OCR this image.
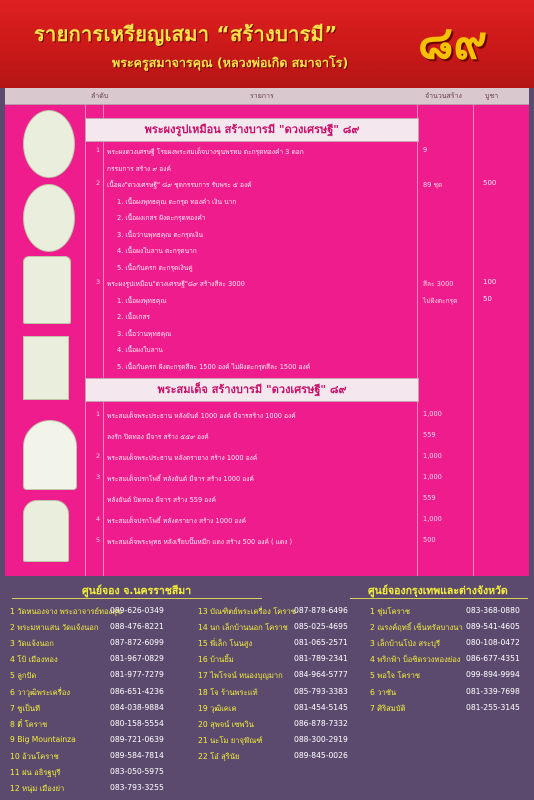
รายการเหรียญเสมา “สร้างบารมี”
พระครูสมาจารคุณ (หลวงพ่อเกิด สมาจาโร) ๘๙
ลำดับ	รายการ	จำนวนสร้าง	บูชา
พระผงรูปเหมือน สร้างบารมี "ดวงเศรษฐี" ๘๙
พระสมเด็จ สร้างบารมี "ดวงเศรษฐี" ๘๙
1 พระผงดวงเศรษฐี โรยผงพระสมเด็จบางขุนพรหม ตะกรุดทองคำ 3 ดอก	9
กรรมการ สร้าง ๙ องค์
2 เนื้อผง"ดวงเศรษฐี" ๘๙ ชุดกรรมการ รับพระ ๕ องค์	89 ชุด	500
1. เนื้อผงพุทธคุณ ตะกรุด ทองคำ เงิน นาก
2. เนื้อผงเกสร ฝังตะกรุดทองคำ
3. เนื้อว่านพุทธคุณ ตะกรุดเงิน
4. เนื้อผงใบลาน ตะกรุดนาก
5. เนื้อกันครก ตะกรุดเงินคู่
3 พระผงรูปเหมือน"ดวงเศรษฐี"๘๙ สร้างสีละ 3000	สีละ 3000	100
1. เนื้อผงพุทธคุณ	ไม่ฝังตะกรุด	50
2. เนื้อเกสร
3. เนื้อว่านพุทธคุณ
4. เนื้อผงใบลาน
5. เนื้อกันครก ฝังตะกรุดสีละ 1500 องค์ ไม่ฝังตะกรุดสีละ 1500 องค์
1 พระสมเด็จพระประธาน หลังยันต์ 1000 องค์ มีจารสร้าง 1000 องค์	1,000
ลงรัก ปิดทอง มีจาร สร้าง ๕๕๙ องค์	559
2 พระสมเด็จพระประธาน หลังตรายาง สร้าง 1000 องค์	1,000
3 พระสมเด็จปรกโพธิ์ หลังยันต์ มีจาร สร้าง 1000 องค์	1,000
หลังยันต์ ปิดทอง มีจาร สร้าง 559 องค์	559
4 พระสมเด็จปรกโพธิ์ หลังตรายาง สร้าง 1000 องค์	1,000
5 พระสมเด็จพระพุทธ หลังเรียบปั๊มหมึก แดง สร้าง 500 องค์ ( แดง )	500
ศูนย์จอง จ.นครราชสีมา	ศูนย์จองกรุงเทพและต่างจังหวัด
1 วัดหนองจาง พระอาจารย์ทองสุข
089-626-0349
2 พระมหาแสน วัดแจ้งนอก 088-476-8221
3 วัดแจ้งนอก	087-872-6099
4 โป้ เมืองทอง	081-967-0829
5 ลูกปัด	081-977-7279
6 วาวุฒิพระเครื่อง	086-651-4236
7 ชูเป็นที	084-038-9884
8 ตี๋ โคราช	080-158-5554
9 Big Mountainza	089-721-0639
10 อ้วนโคราช	089-584-7814
11 ฝน อธิรฐบุรี	083-050-5975
12 หนุ่ม เมืองย่า	083-793-3255
13 บัณฑิตย์พระเครื่อง โคราช
087-878-6496
14 นก เล็กบ้านนอก โคราช 085-025-4695
15 พี่เล็ก โนนสูง	081-065-2571
16 บ้านยิ้ม	081-789-2341
17 ไพโรจน์ หนองบุญมาก 084-964-5777
18 โจ ร้านพระแท้	085-793-3383
19 วุฒิเคเค	081-454-5145
20 สุพจน์ เซพวิน	086-878-7332
21 นะโม ยาจุฬัณฑ์	088-300-2919
22 โอ๋ สุรินัย	089-845-0026
1 ชุ่มโคราช	083-368-0880
2 ณรงค์ฤทธิ์ เซ็นทรัลบางนา 089-541-4605
3 เล็กบ้านโป่ง สระบุรี	080-108-0472
4 พริกฟ้า บ็อซิดรวงทองย่อง 086-677-4351
5 พอใจ โคราช	099-894-9994
6 วาซัน	081-339-7698
7 ศิริสมบัติ	081-255-3145
